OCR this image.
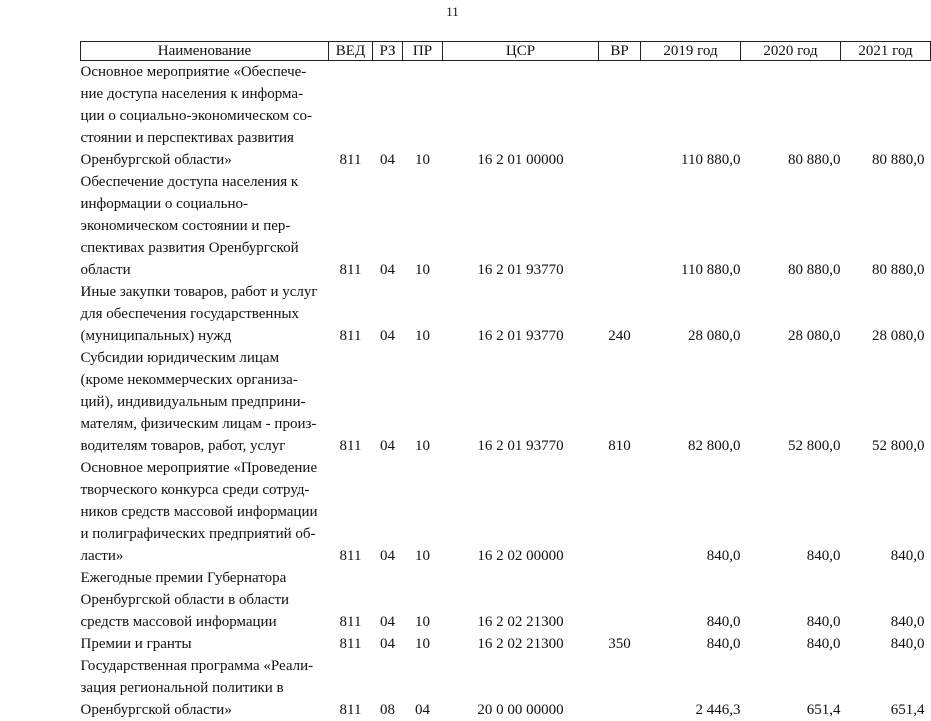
11
Наименование	ВЕД	РЗ	ПР	ЦСР	ВР	2019 год	2020 год	2021 год

Основное мероприятие «Обеспече-
ние доступа населения к информа-
ции о социально-экономическом со-
стоянии и перспективах развития
Оренбургской области»	811	04	10	16 2 01 00000		110 880,0	80 880,0	80 880,0

Обеспечение доступа населения к
информации о социально-
экономическом состоянии и пер-
спективах развития Оренбургской
области	811	04	10	16 2 01 93770		110 880,0	80 880,0	80 880,0

Иные закупки товаров, работ и услуг
для обеспечения государственных
(муниципальных) нужд	811	04	10	16 2 01 93770	240	28 080,0	28 080,0	28 080,0

Субсидии юридическим лицам
(кроме некоммерческих организа-
ций), индивидуальным предприни-
мателям, физическим лицам - произ-
водителям товаров, работ, услуг	811	04	10	16 2 01 93770	810	82 800,0	52 800,0	52 800,0

Основное мероприятие «Проведение
творческого конкурса среди сотруд-
ников средств массовой информации
и полиграфических предприятий об-
ласти»	811	04	10	16 2 02 00000		840,0	840,0	840,0

Ежегодные премии Губернатора
Оренбургской области в области
средств массовой информации	811	04	10	16 2 02 21300		840,0	840,0	840,0

Премии и гранты	811	04	10	16 2 02 21300	350	840,0	840,0	840,0

Государственная программа «Реали-
зация региональной политики в
Оренбургской области»	811	08	04	20 0 00 00000		2 446,3	651,4	651,4
